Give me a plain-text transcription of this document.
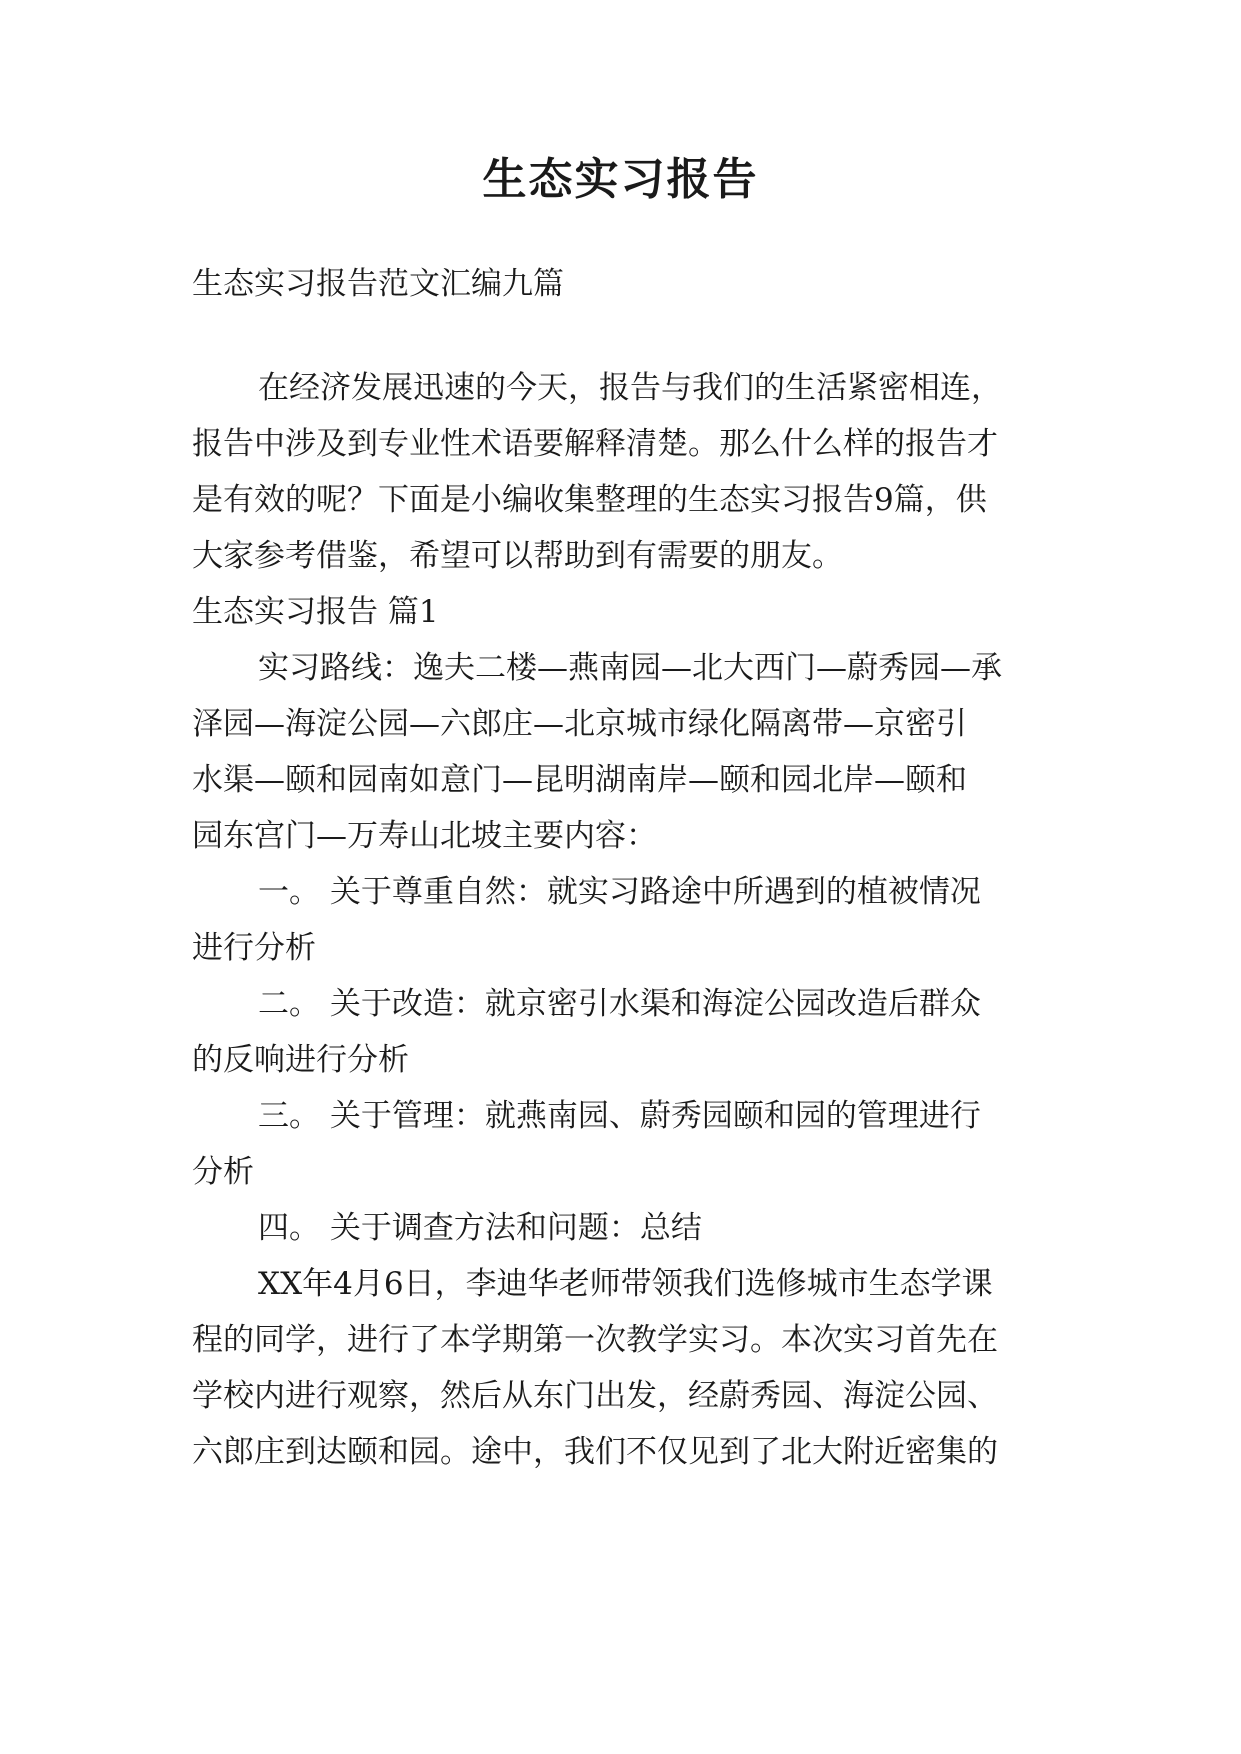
生态实习报告
生态实习报告范文汇编九篇
在经济发展迅速的今天，报告与我们的生活紧密相连，
报告中涉及到专业性术语要解释清楚。那么什么样的报告才
是有效的呢？下面是小编收集整理的生态实习报告9篇，供
大家参考借鉴，希望可以帮助到有需要的朋友。
生态实习报告 篇1
实习路线：逸夫二楼—燕南园—北大西门—蔚秀园—承
泽园—海淀公园—六郎庄—北京城市绿化隔离带—京密引
水渠—颐和园南如意门—昆明湖南岸—颐和园北岸—颐和
园东宫门—万寿山北坡主要内容：
一。 关于尊重自然：就实习路途中所遇到的植被情况
进行分析
二。 关于改造：就京密引水渠和海淀公园改造后群众
的反响进行分析
三。 关于管理：就燕南园、蔚秀园颐和园的管理进行
分析
四。 关于调查方法和问题：总结
XX年4月6日，李迪华老师带领我们选修城市生态学课
程的同学，进行了本学期第一次教学实习。本次实习首先在
学校内进行观察，然后从东门出发，经蔚秀园、海淀公园、
六郎庄到达颐和园。途中，我们不仅见到了北大附近密集的
